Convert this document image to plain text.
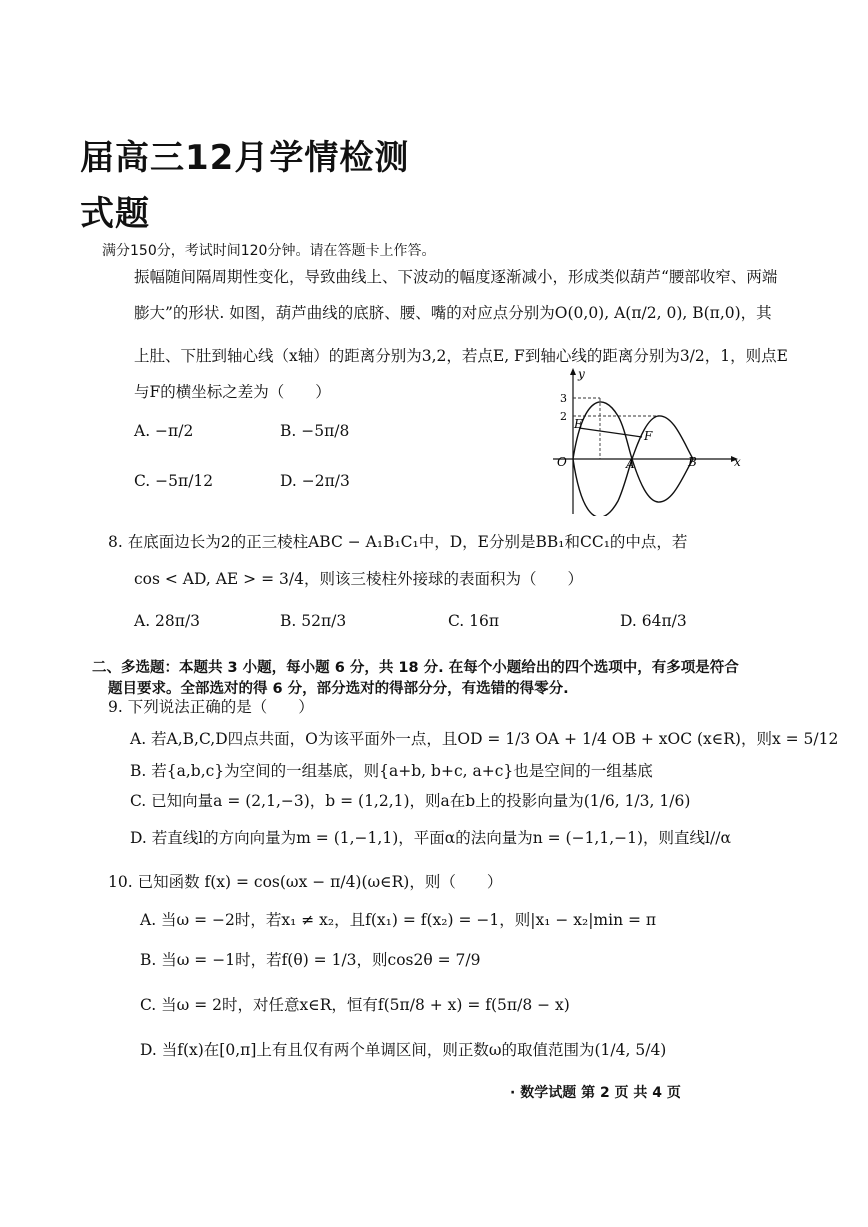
届高三12月学情检测
式题
满分150分，考试时间120分钟。请在答题卡上作答。
振幅随间隔周期性变化，导致曲线上、下波动的幅度逐渐减小，形成类似葫芦“腰部收窄、两端
膨大”的形状. 如图，葫芦曲线的底脐、腰、嘴的对应点分别为O(0,0), A(π/2, 0), B(π,0)，其
上肚、下肚到轴心线（x轴）的距离分别为3,2，若点E, F到轴心线的距离分别为3/2，1，则点E
与F的横坐标之差为（　　）
A. −π/2	B. −5π/8
C. −5π/12	D. −2π/3
y
x
O	A	B
E
F
3
2
8. 在底面边长为2的正三棱柱ABC − A₁B₁C₁中，D，E分别是BB₁和CC₁的中点，若
cos < AD, AE > = 3/4，则该三棱柱外接球的表面积为（　　）
A. 28π/3	B. 52π/3	C. 16π	D. 64π/3
二、多选题：本题共 3 小题，每小题 6 分，共 18 分. 在每个小题给出的四个选项中，有多项是符合
题目要求。全部选对的得 6 分，部分选对的得部分分，有选错的得零分.
9. 下列说法正确的是（　　）
A. 若A,B,C,D四点共面，O为该平面外一点，且OD = 1/3 OA + 1/4 OB + xOC (x∈R)，则x = 5/12
B. 若{a,b,c}为空间的一组基底，则{a+b, b+c, a+c}也是空间的一组基底
C. 已知向量a = (2,1,−3)，b = (1,2,1)，则a在b上的投影向量为(1/6, 1/3, 1/6)
D. 若直线l的方向向量为m = (1,−1,1)，平面α的法向量为n = (−1,1,−1)，则直线l//α
10. 已知函数 f(x) = cos(ωx − π/4)(ω∈R)，则（　　）
A. 当ω = −2时，若x₁ ≠ x₂，且f(x₁) = f(x₂) = −1，则|x₁ − x₂|min = π
B. 当ω = −1时，若f(θ) = 1/3，则cos2θ = 7/9
C. 当ω = 2时，对任意x∈R，恒有f(5π/8 + x) = f(5π/8 − x)
D. 当f(x)在[0,π]上有且仅有两个单调区间，则正数ω的取值范围为(1/4, 5/4)
· 数学试题 第 2 页 共 4 页
